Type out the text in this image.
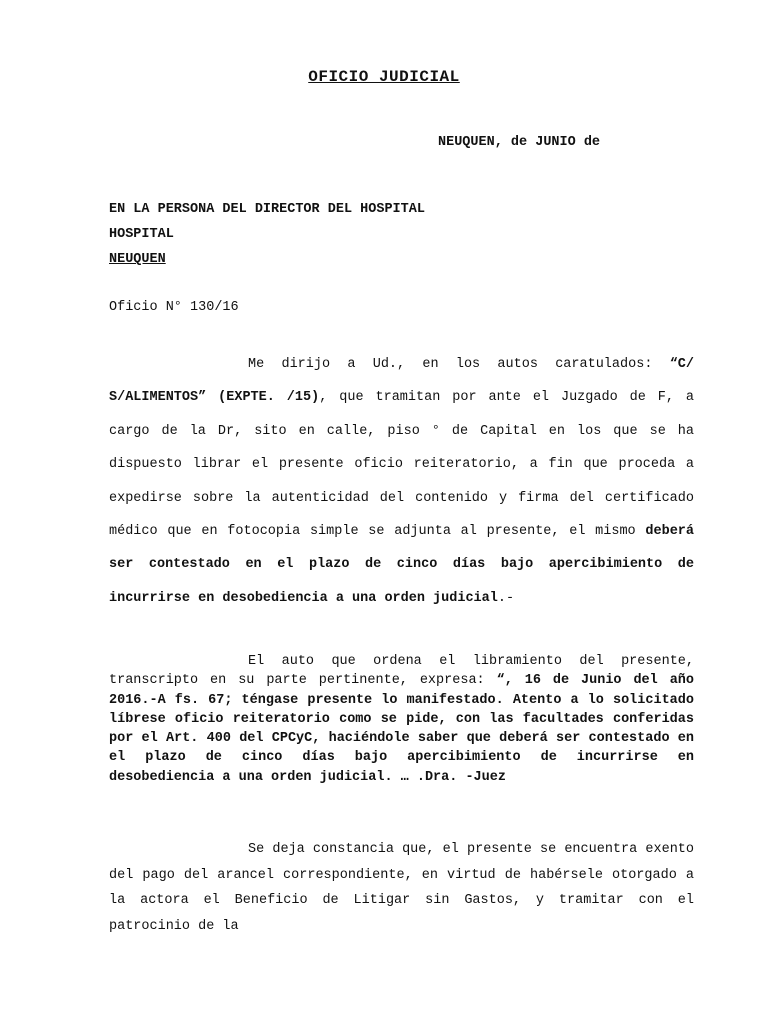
OFICIO JUDICIAL
NEUQUEN, de JUNIO de
EN LA PERSONA DEL DIRECTOR DEL HOSPITAL
HOSPITAL
NEUQUEN
Oficio N° 130/16

Me dirijo a Ud., en los autos caratulados: “C/ S/ALIMENTOS” (EXPTE. /15), que tramitan por ante el Juzgado de F, a cargo de la Dr, sito en calle, piso ° de Capital en los que se ha dispuesto librar el presente oficio reiteratorio, a fin que proceda a expedirse sobre la autenticidad del contenido y firma del certificado médico que en fotocopia simple se adjunta al presente, el mismo deberá ser contestado en el plazo de cinco días bajo apercibimiento de incurrirse en desobediencia a una orden judicial.-

El auto que ordena el libramiento del presente, transcripto en su parte pertinente, expresa: “, 16 de Junio del año 2016.-A fs. 67; téngase presente lo manifestado. Atento a lo solicitado líbrese oficio reiteratorio como se pide, con las facultades conferidas por el Art. 400 del CPCyC, haciéndole saber que deberá ser contestado en el plazo de cinco días bajo apercibimiento de incurrirse en desobediencia a una orden judicial. … .Dra. -Juez

Se deja constancia que, el presente se encuentra exento del pago del arancel correspondiente, en virtud de habérsele otorgado a la actora el Beneficio de Litigar sin Gastos, y tramitar con el patrocinio de la
